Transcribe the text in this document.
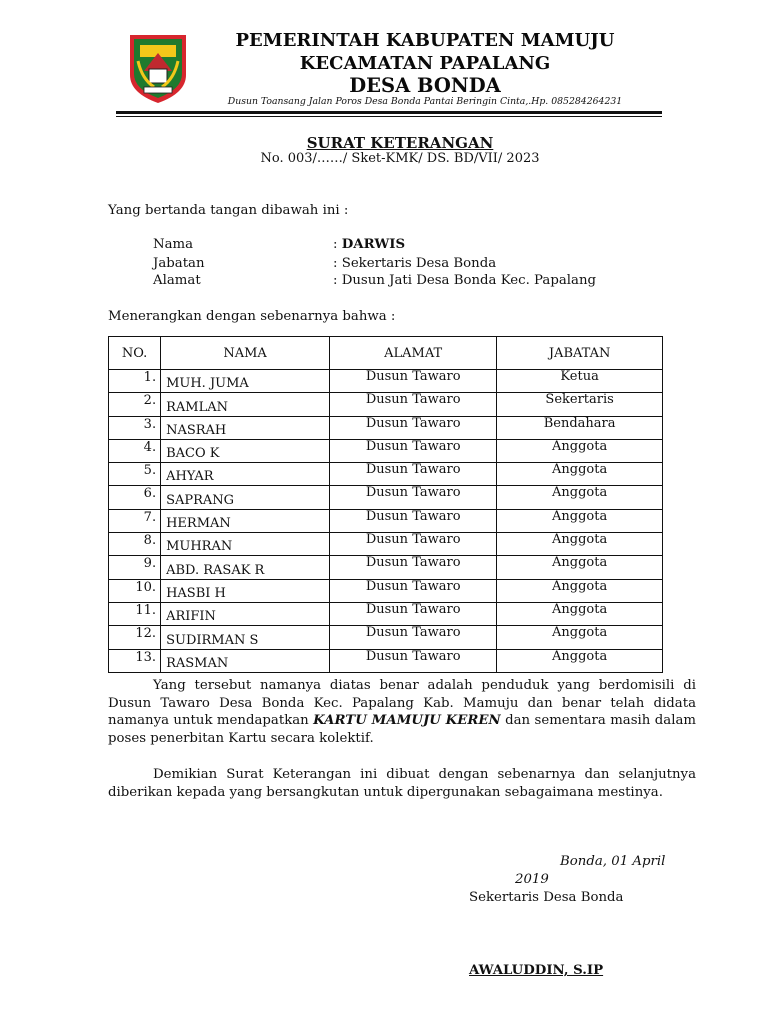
PEMERINTAH KABUPATEN MAMUJU
KECAMATAN PAPALANG
DESA BONDA
Dusun Toansang Jalan Poros Desa Bonda Pantai Beringin Cinta,.Hp. 085284264231
SURAT KETERANGAN
No. 003/……/ Sket-KMK/ DS. BD/VII/ 2023
Yang bertanda tangan dibawah ini :
Nama	: DARWIS
Jabatan	: Sekertaris Desa Bonda
Alamat	: Dusun Jati Desa Bonda Kec. Papalang
Menerangkan dengan sebenarnya bahwa :
NO.	NAMA	ALAMAT	JABATAN
1.	MUH. JUMA	Dusun Tawaro	Ketua
2.	RAMLAN	Dusun Tawaro	Sekertaris
3.	NASRAH	Dusun Tawaro	Bendahara
4.	BACO K	Dusun Tawaro	Anggota
5.	AHYAR	Dusun Tawaro	Anggota
6.	SAPRANG	Dusun Tawaro	Anggota
7.	HERMAN	Dusun Tawaro	Anggota
8.	MUHRAN	Dusun Tawaro	Anggota
9.	ABD. RASAK R	Dusun Tawaro	Anggota
10.	HASBI H	Dusun Tawaro	Anggota
11.	ARIFIN	Dusun Tawaro	Anggota
12.	SUDIRMAN S	Dusun Tawaro	Anggota
13.	RASMAN	Dusun Tawaro	Anggota
Yang tersebut namanya diatas benar adalah penduduk yang berdomisili di Dusun Tawaro Desa Bonda Kec. Papalang Kab. Mamuju dan benar telah didata namanya untuk mendapatkan KARTU MAMUJU KEREN dan sementara masih dalam poses penerbitan Kartu secara kolektif.
Demikian Surat Keterangan ini dibuat dengan sebenarnya dan selanjutnya diberikan kepada yang bersangkutan untuk dipergunakan sebagaimana mestinya.
Bonda, 01 April
2019
Sekertaris Desa Bonda
AWALUDDIN, S.IP
